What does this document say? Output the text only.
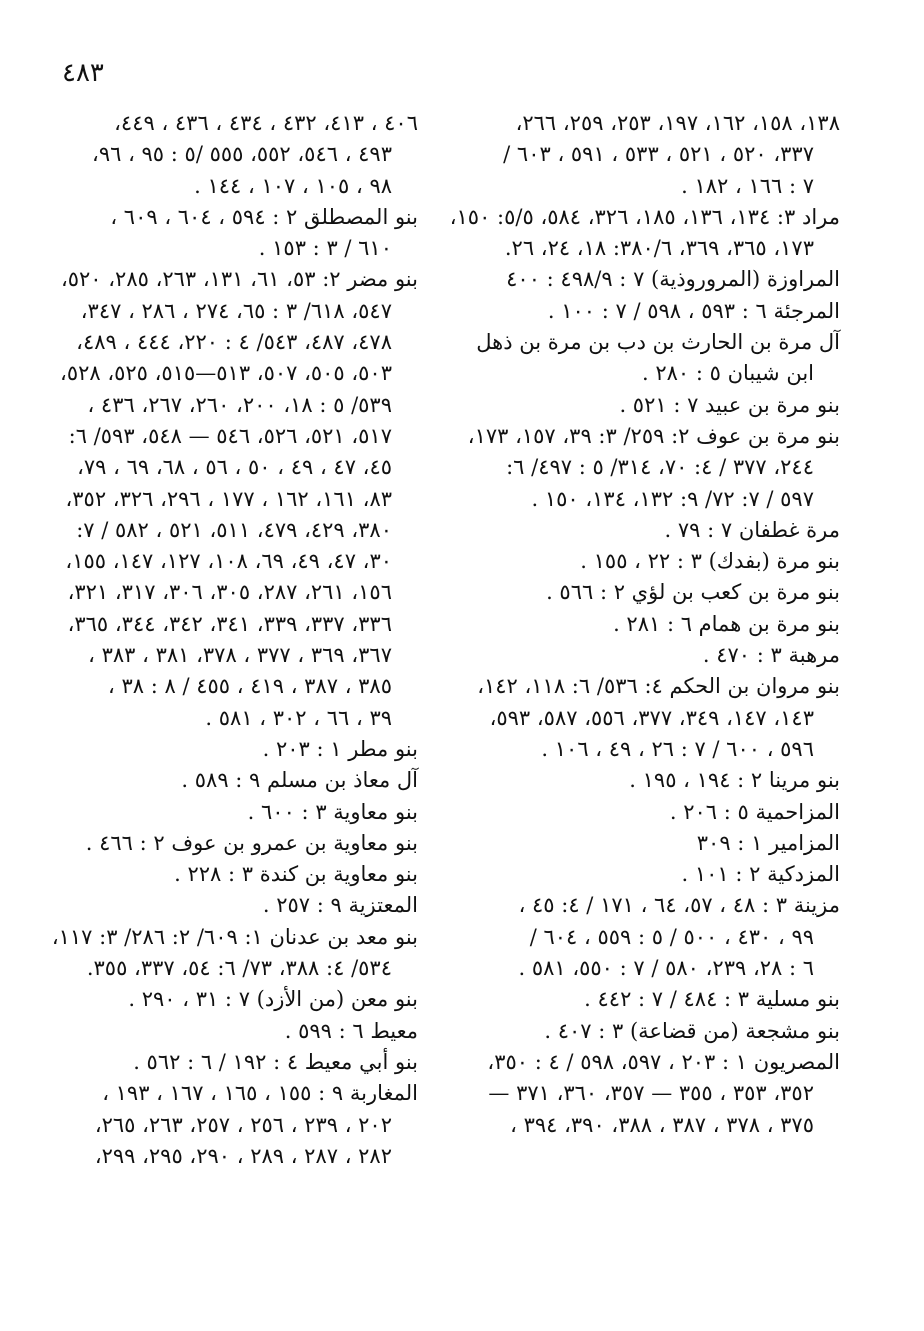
٤٨٣
١٣٨، ١٥٨، ١٦٢، ١٩٧، ٢٥٣، ٢٥٩، ٢٦٦،
٣٣٧، ٥٢٠ ، ٥٢١ ، ٥٣٣ ، ٥٩١ ، ٦٠٣ /
٧ : ١٦٦ ، ١٨٢ .
مراد ٣: ١٣٤، ١٣٦، ١٨٥، ٣٢٦، ٥٨٤، ٥/٥: ١٥٠،
١٧٣، ٣٦٥، ٣٦٩، ٣٨٠/٦: ١٨، ٢٤، ٢٦.
المراوزة (المروروذية) ٧ : ٤٩٨/٩ : ٤٠٠
المرجئة ٦ : ٥٩٣ ، ٥٩٨ / ٧ : ١٠٠ .
آل مرة بن الحارث بن دب بن مرة بن ذهل
ابن شيبان ٥ : ٢٨٠ .
بنو مرة بن عبيد ٧ : ٥٢١ .
بنو مرة بن عوف ٢: ٢٥٩/ ٣: ٣٩، ١٥٧، ١٧٣،
٢٤٤، ٣٧٧ / ٤: ٧٠، ٣١٤/ ٥ : ٤٩٧/ ٦:
٥٩٧ / ٧: ٧٢/ ٩: ١٣٢، ١٣٤، ١٥٠ .
مرة غطفان ٧ : ٧٩ .
بنو مرة (بفدك) ٣ : ٢٢ ، ١٥٥ .
بنو مرة بن كعب بن لؤي ٢ : ٥٦٦ .
بنو مرة بن همام ٦ : ٢٨١ .
مرهبة ٣ : ٤٧٠ .
بنو مروان بن الحكم ٤: ٥٣٦/ ٦: ١١٨، ١٤٢،
١٤٣، ١٤٧، ٣٤٩، ٣٧٧، ٥٥٦، ٥٨٧، ٥٩٣،
٥٩٦ ، ٦٠٠ / ٧ : ٢٦ ، ٤٩ ، ١٠٦ .
بنو مرينا ٢ : ١٩٤ ، ١٩٥ .
المزاحمية ٥ : ٢٠٦ .
المزامير ١ : ٣٠٩
المزدكية ٢ : ١٠١ .
مزينة ٣ : ٤٨ ، ٥٧، ٦٤ ، ١٧١ / ٤: ٤٥ ،
٩٩ ، ٤٣٠ ، ٥٠٠ / ٥ : ٥٥٩ ، ٦٠٤ /
٦ : ٢٨، ٢٣٩، ٥٨٠ / ٧ : ٥٥٠، ٥٨١ .
بنو مسلية ٣ : ٤٨٤ / ٧ : ٤٤٢ .
بنو مشجعة (من قضاعة) ٣ : ٤٠٧ .
المصريون ١ : ٢٠٣ ، ٥٩٧، ٥٩٨ / ٤ : ٣٥٠،
٣٥٢، ٣٥٣ ، ٣٥٥ — ٣٥٧، ٣٦٠، ٣٧١ —
٣٧٥ ، ٣٧٨ ، ٣٨٧ ، ٣٨٨، ٣٩٠، ٣٩٤ ،
٤٠٦ ، ٤١٣، ٤٣٢ ، ٤٣٤ ، ٤٣٦ ، ٤٤٩،
٤٩٣ ، ٥٤٦، ٥٥٢، ٥٥٥ /٥ : ٩٥ ، ٩٦،
٩٨ ، ١٠٥ ، ١٠٧ ، ١٤٤ .
بنو المصطلق ٢ : ٥٩٤ ، ٦٠٤ ، ٦٠٩ ،
٦١٠ / ٣ : ١٥٣ .
بنو مضر ٢: ٥٣، ٦١، ١٣١، ٢٦٣، ٢٨٥، ٥٢٠،
٥٤٧، ٦١٨/ ٣ : ٦٥، ٢٧٤ ، ٢٨٦ ، ٣٤٧،
٤٧٨، ٤٨٧، ٥٤٣/ ٤ : ٢٢٠، ٤٤٤ ، ٤٨٩،
٥٠٣، ٥٠٥، ٥٠٧، ٥١٣—٥١٥، ٥٢٥، ٥٢٨،
٥٣٩/ ٥ : ١٨، ٢٠٠، ٢٦٠، ٢٦٧، ٤٣٦ ،
٥١٧، ٥٢١، ٥٢٦، ٥٤٦ — ٥٤٨، ٥٩٣/ ٦:
٤٥، ٤٧ ، ٤٩ ، ٥٠ ، ٥٦ ، ٦٨، ٦٩ ، ٧٩،
٨٣، ١٦١، ١٦٢ ، ١٧٧ ، ٢٩٦، ٣٢٦، ٣٥٢،
٣٨٠، ٤٢٩، ٤٧٩، ٥١١، ٥٢١ ، ٥٨٢ / ٧:
٣٠، ٤٧، ٤٩، ٦٩، ١٠٨، ١٢٧، ١٤٧، ١٥٥،
١٥٦، ٢٦١، ٢٨٧، ٣٠٥، ٣٠٦، ٣١٧، ٣٢١،
٣٣٦، ٣٣٧، ٣٣٩، ٣٤١، ٣٤٢، ٣٤٤، ٣٦٥،
٣٦٧، ٣٦٩ ، ٣٧٧ ، ٣٧٨، ٣٨١ ، ٣٨٣ ،
٣٨٥ ، ٣٨٧ ، ٤١٩ ، ٤٥٥ / ٨ : ٣٨ ،
٣٩ ، ٦٦ ، ٣٠٢ ، ٥٨١ .
بنو مطر ١ : ٢٠٣ .
آل معاذ بن مسلم ٩ : ٥٨٩ .
بنو معاوية ٣ : ٦٠٠ .
بنو معاوية بن عمرو بن عوف ٢ : ٤٦٦ .
بنو معاوية بن كندة ٣ : ٢٢٨ .
المعتزية ٩ : ٢٥٧ .
بنو معد بن عدنان ١: ٦٠٩/ ٢: ٢٨٦/ ٣: ١١٧،
٥٣٤/ ٤: ٣٨٨، ٧٣/ ٦: ٥٤، ٣٣٧، ٣٥٥.
بنو معن (من الأزد) ٧ : ٣١ ، ٢٩٠ .
معيط ٦ : ٥٩٩ .
بنو أبي معيط ٤ : ١٩٢ / ٦ : ٥٦٢ .
المغاربة ٩ : ١٥٥ ، ١٦٥ ، ١٦٧ ، ١٩٣ ،
٢٠٢ ، ٢٣٩ ، ٢٥٦ ، ٢٥٧، ٢٦٣، ٢٦٥،
٢٨٢ ، ٢٨٧ ، ٢٨٩ ، ٢٩٠، ٢٩٥، ٢٩٩،
